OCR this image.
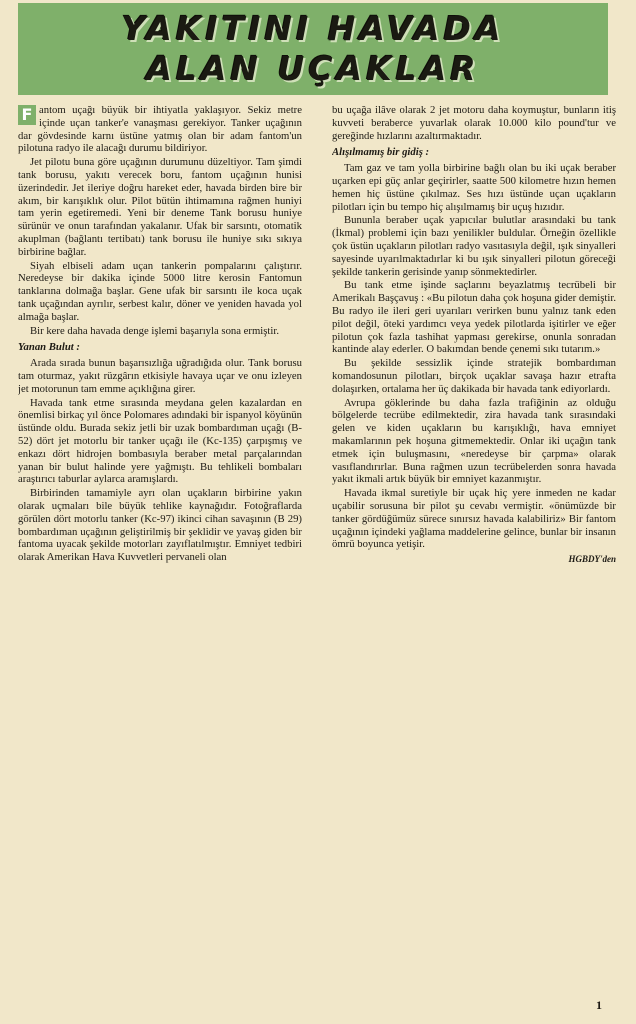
YAKITINI HAVADA
ALAN UÇAKLAR

F antom uçağı büyük bir ihtiyatla yaklaşıyor. Sekiz metre içinde uçan tanker'e vanaşması gerekiyor. Tanker uçağının dar gövdesinde karnı üstüne yatmış olan bir adam fantom'un pilotuna radyo ile alacağı durumu bildiriyor.

Jet pilotu buna göre uçağının durumunu düzeltiyor. Tam şimdi tank borusu, yakıtı verecek boru, fantom uçağının hunisi üzerindedir. Jet ileriye doğru hareket eder, havada birden bire bir akım, bir karışıklık olur. Pilot bütün ihtimamına rağmen huniyi tam yerin egetiremedi. Yeni bir deneme Tank borusu huniye sürünür ve onun tarafından yakalanır. Ufak bir sarsıntı, otomatik akuplman (bağlantı tertibatı) tank borusu ile huniye sıkı sıkıya birbirine bağlar.

Siyah elbiseli adam uçan tankerin pompalarını çalıştırır. Neredeyse bir dakika içinde 5000 litre kerosin Fantomun tanklarına dolmağa başlar. Gene ufak bir sarsıntı ile koca uçak tank uçağından ayrılır, serbest kalır, döner ve yeniden havada yol almağa başlar.

Bir kere daha havada denge işlemi başarıyla sona ermiştir.

Yanan Bulut :

Arada sırada bunun başarısızlığa uğradığıda olur. Tank borusu tam oturmaz, yakıt rüzgârın etkisiyle havaya uçar ve onu izleyen jet motorunun tam emme açıklığına girer.

Havada tank etme sırasında meydana gelen kazalardan en önemlisi birkaç yıl önce Polomares adındaki bir ispanyol köyünün üstünde oldu. Burada sekiz jetli bir uzak bombardıman uçağı (B-52) dört jet motorlu bir tanker uçağı ile (Kc-135) çarpışmış ve enkazı dört hidrojen bombasıyla beraber metal parçalarından yanan bir bulut halinde yere yağmıştı. Bu tehlikeli bombaları araştırıcı taburlar aylarca aramışlardı.

Birbirinden tamamiyle ayrı olan uçakların birbirine yakın olarak uçmaları bile büyük tehlike kaynağıdır. Fotoğraflarda görülen dört motorlu tanker (Kc-97) ikinci cihan savaşının (B 29) bombardıman uçağının geliştirilmiş bir şeklidir ve yavaş giden bir fantoma uyacak şekilde motorları zayıflatılmıştır. Emniyet tedbiri olarak Amerikan Hava Kuvvetleri pervaneli olan

bu uçağa ilâve olarak 2 jet motoru daha koymuştur, bunların itiş kuvveti beraberce yuvarlak olarak 10.000 kilo pound'tur ve gereğinde hızlarını azaltırmaktadır.

Alışılmamış bir gidiş :

Tam gaz ve tam yolla birbirine bağlı olan bu iki uçak beraber uçarken epi güç anlar geçirirler, saatte 500 kilometre hızın hemen hemen hiç üstüne çıkılmaz. Ses hızı üstünde uçan uçakların pilotları için bu tempo hiç alışılmamış bir uçuş hızıdır.

Bununla beraber uçak yapıcılar bulutlar arasındaki bu tank (İkmal) problemi için bazı yenilikler buldular. Örneğin özellikle çok üstün uçakların pilotları radyo vasıtasıyla değil, ışık sinyalleri sayesinde uyarılmaktadırlar ki bu ışık sinyalleri pilotun göreceği şekilde tankerin gerisinde yanıp sönmektedirler.

Bu tank etme işinde saçlarını beyazlatmış tecrübeli bir Amerikalı Başçavuş : «Bu pilotun daha çok hoşuna gider demiştir. Bu radyo ile ileri geri uyarıları verirken bunu yalnız tank eden pilot değil, öteki yardımcı veya yedek pilotlarda işitirler ve eğer pilotun çok fazla tashihat yapması gerekirse, onunla sonradan kantinde alay ederler. O bakımdan bende çenemi sıkı tutarım.»

Bu şekilde sessizlik içinde stratejik bombardıman komandosunun pilotları, birçok uçaklar savaşa hazır etrafta dolaşırken, ortalama her üç dakikada bir havada tank ediyorlardı.

Avrupa göklerinde bu daha fazla trafiğinin az olduğu bölgelerde tecrübe edilmektedir, zira havada tank sırasındaki gelen ve kiden uçakların bu karışıklığı, hava emniyet makamlarının pek hoşuna gitmemektedir. Onlar iki uçağın tank etmek için buluşmasını, «neredeyse bir çarpma» olarak vasıflandırırlar. Buna rağmen uzun tecrübelerden sonra havada yakıt ikmali artık büyük bir emniyet kazanmıştır.

Havada ikmal suretiyle bir uçak hiç yere inmeden ne kadar uçabilir sorusuna bir pilot şu cevabı vermiştir. «önümüzde bir tanker gördüğümüz sürece sınırsız havada kalabiliriz» Bir fantom uçağının içindeki yağlama maddelerine gelince, bunlar bir insanın ömrü boyunca yetişir.

HGBDY'den
1
